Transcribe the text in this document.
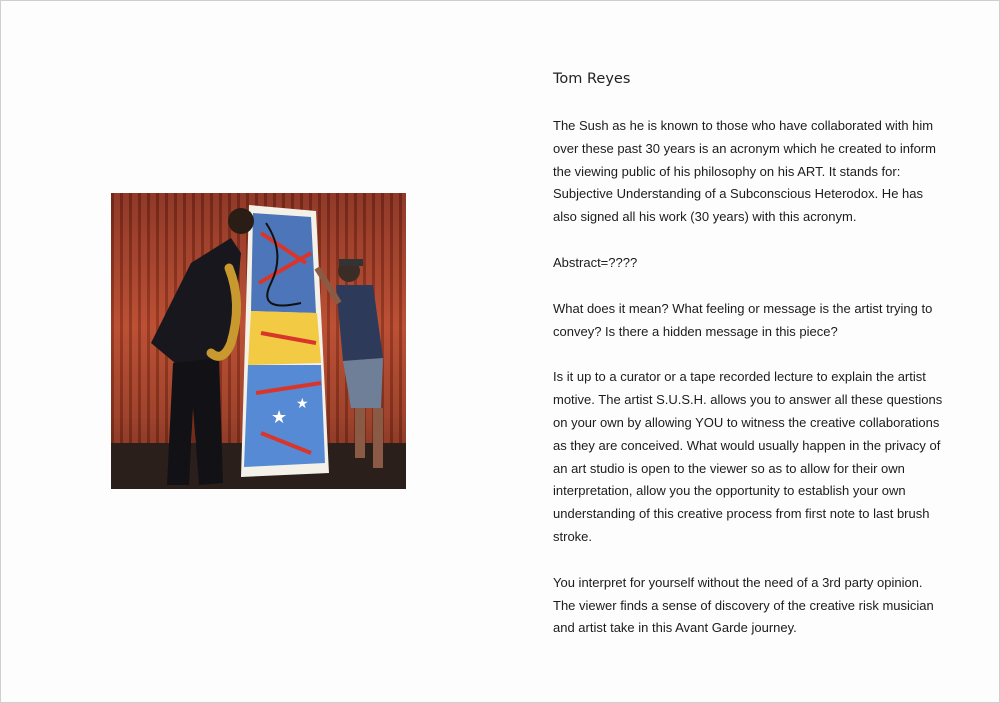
★
★
Tom Reyes

The Sush as he is known to those who have collaborated with him over these past 30 years is an acronym which he created to inform the viewing public of his philosophy on his ART. It stands for: Subjective Understanding of a Subconscious Heterodox. He has also signed all his work (30 years) with this acronym.

Abstract=????

What does it mean? What feeling or message is the artist trying to convey? Is there a hidden message in this piece?

Is it up to a curator or a tape recorded lecture to explain the artist motive. The artist S.U.S.H. allows you to answer all these questions on your own by allowing YOU to witness the creative collaborations as they are conceived. What would usually happen in the privacy of an art studio is open to the viewer so as to allow for their own interpretation, allow you the opportunity to establish your own understanding of this creative process from first note to last brush stroke.

You interpret for yourself without the need of a 3rd party opinion. The viewer finds a sense of discovery of the creative risk musician and artist take in this Avant Garde journey.
